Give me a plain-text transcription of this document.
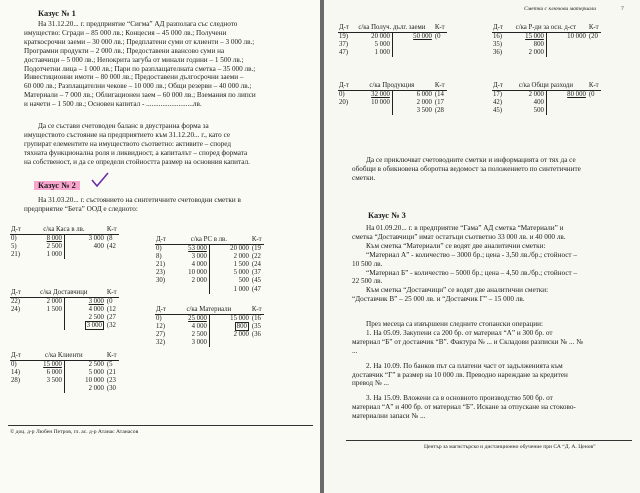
Казус № 1
На 31.12.20... г. предприятие “Сигма” АД разполага със следното
имущество: Сгради – 85 000 лв.; Концесия – 45 000 лв.; Получени
краткосрочни заеми – 30 000 лв.; Предплатени суми от клиенти – 3 000 лв.;
Програмни продукти – 2 000 лв.; Предоставени авансово суми на
доставчици – 5 000 лв.; Непокрита загуба от минали години – 1 500 лв.;
Подотчетни лица – 1 000 лв.; Пари по разплащателната сметка – 35 000 лв.;
Инвестиционни имоти – 80 000 лв.; Предоставени дългосрочни заеми –
60 000 лв.; Разплащателни чекове – 10 000 лв.; Общи резерви – 40 000 лв.;
Материали – 7 000 лв.; Облигационен заем – 60 000 лв.; Вземания по липси
и начети – 1 500 лв.; Основен капитал - ..........................лв.
Да се състави счетоводен баланс в двустранна форма за
имуществото състояние на предприятието към 31.12.20... г., като се
групират елементите на имуществото съответно: активите – според
тяхната функционална роля и ликвидност, а капиталът – според формата
на собственост, и да се определи стойността размер на основния капитал.
Казус № 2
На 31.03.20... г. състоянието на синтетичните счетоводни сметки в
предприятие “Бета” ООД е следното:
Д-т	с/ка Каса в лв.		К-т
0)	8 000	3 000	(8
5)	2 500	400	(42
21)	1 000		
Д-т	с/ка РС в лв.		К-т
0)	53 000	20 000	(19
8)	3 000	2 000	(22
21)	4 000	1 500	(24
23)	10 000	5 000	(37
30)	2 000	500	(45
		1 000	(47
Д-т	с/ка Доставчици		К-т
22)	2 000	3 000	(0
24)	1 500	4 000	(12
		2 500	(27
		3 000	(32
Д-т	с/ка Материали		К-т
0)	25 000	15 000	(16
12)	4 000	800	(35
27)	2 500	2 000	(36
32)	3 000		
Д-т	с/ка Клиенти		К-т
0)	15 000	2 500	(5
14)	6 000	5 000	(21
28)	3 500	10 000	(23
		2 000	(30
© доц. д-р Любен Петров, гл. ас. д-р Атанас Атанасов
Сметки с ключови материали	7
Д-т	с/ка Получ. дълг. заеми		К-т
19)	20 000	50 000	(0
37)	5 000		
47)	1 000		
Д-т	с/ка Р-ди за осн. д-ст		К-т
16)	15 000	10 000	(20
35)	800		
36)	2 000		
Д-т	с/ка Продукция		К-т
0)	32 000	6 000	(14
20)	10 000	2 000	(17
		3 500	(28
Д-т	с/ка Общи разходи		К-т
17)	2 000	80 000	(0
42)	400		
45)	500		
Да се приключват счетоводните сметки и информацията от тях да се
обобщи в обикновена оборотна ведомост за положението по синтетичните
сметки.
Казус № 3
На 01.09.20... г. в предприятие “Гама” АД сметка “Материали” и
сметка “Доставчици” имат остатъци съответно 33 000 лв. и 40 000 лв.
Към сметка “Материали” се водят две аналитични сметки:
“Материал А” - количество – 3000 бр.; цена - 3,50 лв./бр.; стойност –
10 500 лв.
“Материал Б” - количество – 5000 бр.; цена – 4,50 лв./бр.; стойност –
22 500 лв.
Към сметка “Доставчици” се водят две аналитични сметки:
“Доставчик В” – 25 000 лв. и “Доставчик Г” – 15 000 лв.
През месеца са извършени следните стопански операции:
1. На 05.09. Закупени са 200 бр. от материал “А” и 300 бр. от
материал “Б” от доставчик “В”. Фактура № ... и Складови разписки № ... №
...
2. На 10.09. По банков път са платени част от задълженията към
доставчик “Г” в размер на 10 000 лв. Преводно нареждане за кредитен
превод № ...
3. На 15.09. Вложени са в основното производство 500 бр. от
материал “А” и 400 бр. от материал “Б”. Искане за отпускане на стоково-
материални запаси № ...
Център за магистърско и дистанционно обучение при СА “Д. А. Ценов”
